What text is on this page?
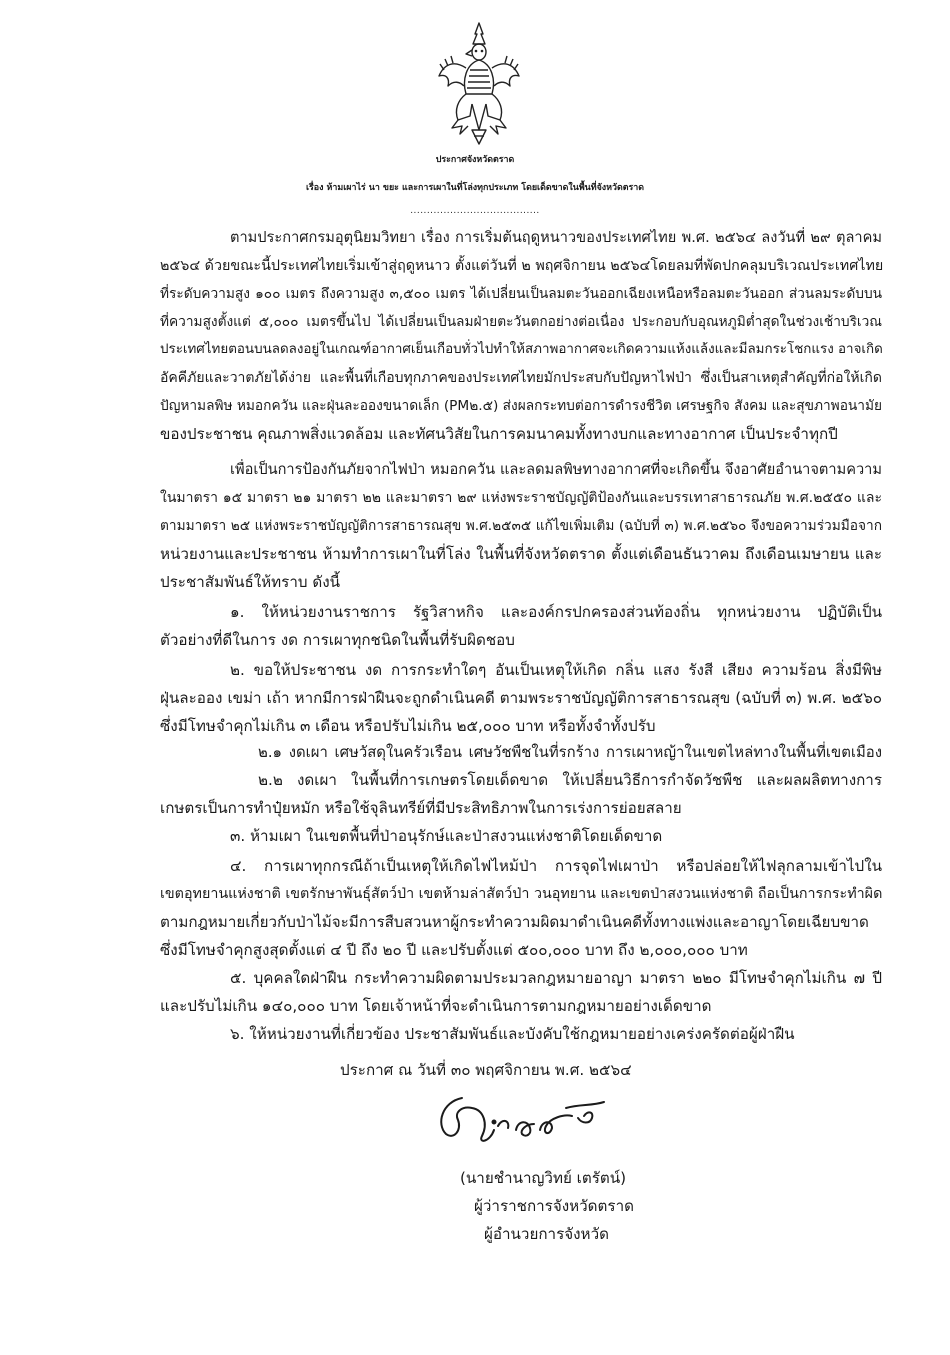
ประกาศจังหวัดตราด
เรื่อง ห้ามเผาไร่ นา ขยะ และการเผาในที่โล่งทุกประเภท โดยเด็ดขาดในพื้นที่จังหวัดตราด
.......................................
ตามประกาศกรมอุตุนิยมวิทยา เรื่อง การเริ่มต้นฤดูหนาวของประเทศไทย พ.ศ. ๒๕๖๔ ลงวันที่ ๒๙ ตุลาคม
๒๕๖๔ ด้วยขณะนี้ประเทศไทยเริ่มเข้าสู่ฤดูหนาว ตั้งแต่วันที่ ๒ พฤศจิกายน ๒๕๖๔โดยลมที่พัดปกคลุมบริเวณประเทศไทย
ที่ระดับความสูง ๑๐๐ เมตร ถึงความสูง ๓,๕๐๐ เมตร ได้เปลี่ยนเป็นลมตะวันออกเฉียงเหนือหรือลมตะวันออก ส่วนลมระดับบน
ที่ความสูงตั้งแต่ ๕,๐๐๐ เมตรขึ้นไป ได้เปลี่ยนเป็นลมฝ่ายตะวันตกอย่างต่อเนื่อง ประกอบกับอุณหภูมิต่ำสุดในช่วงเช้าบริเวณ
ประเทศไทยตอนบนลดลงอยู่ในเกณฑ์อากาศเย็นเกือบทั่วไปทำให้สภาพอากาศจะเกิดความแห้งแล้งและมีลมกระโชกแรง อาจเกิด
อัคคีภัยและวาตภัยได้ง่าย และพื้นที่เกือบทุกภาคของประเทศไทยมักประสบกับปัญหาไฟป่า ซึ่งเป็นสาเหตุสำคัญที่ก่อให้เกิด
ปัญหามลพิษ หมอกควัน และฝุ่นละอองขนาดเล็ก (PM๒.๕) ส่งผลกระทบต่อการดำรงชีวิต เศรษฐกิจ สังคม และสุขภาพอนามัย
ของประชาชน คุณภาพสิ่งแวดล้อม และทัศนวิสัยในการคมนาคมทั้งทางบกและทางอากาศ เป็นประจำทุกปี
เพื่อเป็นการป้องกันภัยจากไฟป่า หมอกควัน และลดมลพิษทางอากาศที่จะเกิดขึ้น จึงอาศัยอำนาจตามความ
ในมาตรา ๑๕ มาตรา ๒๑ มาตรา ๒๒ และมาตรา ๒๙ แห่งพระราชบัญญัติป้องกันและบรรเทาสาธารณภัย พ.ศ.๒๕๕๐ และ
ตามมาตรา ๒๕ แห่งพระราชบัญญัติการสาธารณสุข พ.ศ.๒๕๓๕ แก้ไขเพิ่มเติม (ฉบับที่ ๓) พ.ศ.๒๕๖๐ จึงขอความร่วมมือจาก
หน่วยงานและประชาชน ห้ามทำการเผาในที่โล่ง ในพื้นที่จังหวัดตราด ตั้งแต่เดือนธันวาคม ถึงเดือนเมษายน และ
ประชาสัมพันธ์ให้ทราบ ดังนี้
๑. ให้หน่วยงานราชการ รัฐวิสาหกิจ และองค์กรปกครองส่วนท้องถิ่น ทุกหน่วยงาน ปฏิบัติเป็น
ตัวอย่างที่ดีในการ งด การเผาทุกชนิดในพื้นที่รับผิดชอบ
๒. ขอให้ประชาชน งด การกระทำใดๆ อันเป็นเหตุให้เกิด กลิ่น แสง รังสี เสียง ความร้อน สิ่งมีพิษ
ฝุ่นละออง เขม่า เถ้า หากมีการฝ่าฝืนจะถูกดำเนินคดี ตามพระราชบัญญัติการสาธารณสุข (ฉบับที่ ๓) พ.ศ. ๒๕๖๐
ซึ่งมีโทษจำคุกไม่เกิน ๓ เดือน หรือปรับไม่เกิน ๒๕,๐๐๐ บาท หรือทั้งจำทั้งปรับ
๒.๑ งดเผา เศษวัสดุในครัวเรือน เศษวัชพืชในที่รกร้าง การเผาหญ้าในเขตไหล่ทางในพื้นที่เขตเมือง
๒.๒ งดเผา ในพื้นที่การเกษตรโดยเด็ดขาด ให้เปลี่ยนวิธีการกำจัดวัชพืช และผลผลิตทางการ
เกษตรเป็นการทำปุ๋ยหมัก หรือใช้จุลินทรีย์ที่มีประสิทธิภาพในการเร่งการย่อยสลาย
๓. ห้ามเผา ในเขตพื้นที่ป่าอนุรักษ์และป่าสงวนแห่งชาติโดยเด็ดขาด
๔. การเผาทุกกรณีถ้าเป็นเหตุให้เกิดไฟไหม้ป่า การจุดไฟเผาป่า หรือปล่อยให้ไฟลุกลามเข้าไปใน
เขตอุทยานแห่งชาติ เขตรักษาพันธุ์สัตว์ป่า เขตห้ามล่าสัตว์ป่า วนอุทยาน และเขตป่าสงวนแห่งชาติ ถือเป็นการกระทำผิด
ตามกฎหมายเกี่ยวกับป่าไม้จะมีการสืบสวนหาผู้กระทำความผิดมาดำเนินคดีทั้งทางแพ่งและอาญาโดยเฉียบขาด
ซึ่งมีโทษจำคุกสูงสุดตั้งแต่ ๔ ปี ถึง ๒๐ ปี และปรับตั้งแต่ ๕๐๐,๐๐๐ บาท ถึง ๒,๐๐๐,๐๐๐ บาท
๕. บุคคลใดฝ่าฝืน กระทำความผิดตามประมวลกฎหมายอาญา มาตรา ๒๒๐ มีโทษจำคุกไม่เกิน ๗ ปี
และปรับไม่เกิน ๑๔๐,๐๐๐ บาท โดยเจ้าหน้าที่จะดำเนินการตามกฎหมายอย่างเด็ดขาด
๖. ให้หน่วยงานที่เกี่ยวข้อง ประชาสัมพันธ์และบังคับใช้กฎหมายอย่างเคร่งครัดต่อผู้ฝ่าฝืน
ประกาศ ณ วันที่ ๓๐ พฤศจิกายน พ.ศ. ๒๕๖๔
(นายชำนาญวิทย์ เตรัตน์)
ผู้ว่าราชการจังหวัดตราด
ผู้อำนวยการจังหวัด
